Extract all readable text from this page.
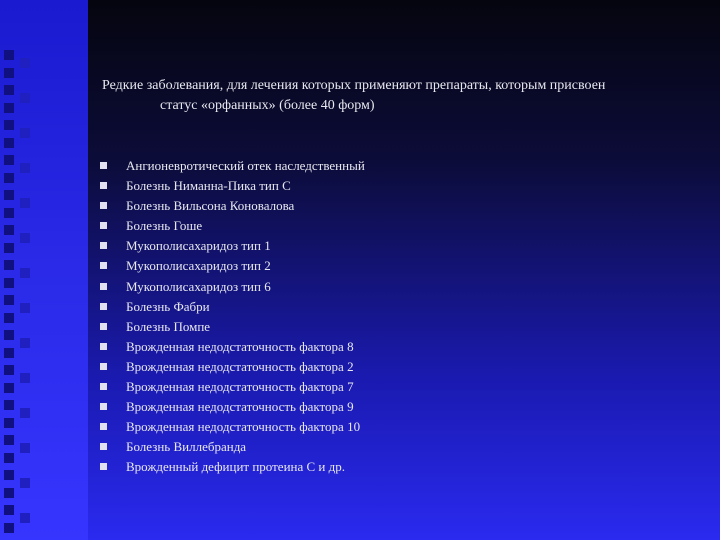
Редкие заболевания, для лечения которых применяют препараты, которым присвоен
статус «орфанных» (более 40 форм)
Ангионевротический отек наследственный
Болезнь Ниманна-Пика тип С
Болезнь Вильсона Коновалова
Болезнь Гоше
Мукополисахаридоз тип 1
Мукополисахаридоз тип 2
Мукополисахаридоз тип 6
Болезнь Фабри
Болезнь Помпе
Врожденная недодстаточность фактора 8
Врожденная недодстаточность фактора 2
Врожденная недодстаточность фактора 7
Врожденная недодстаточность фактора 9
Врожденная недодстаточность фактора 10
Болезнь Виллебранда
Врожденный дефицит протеина С и др.
